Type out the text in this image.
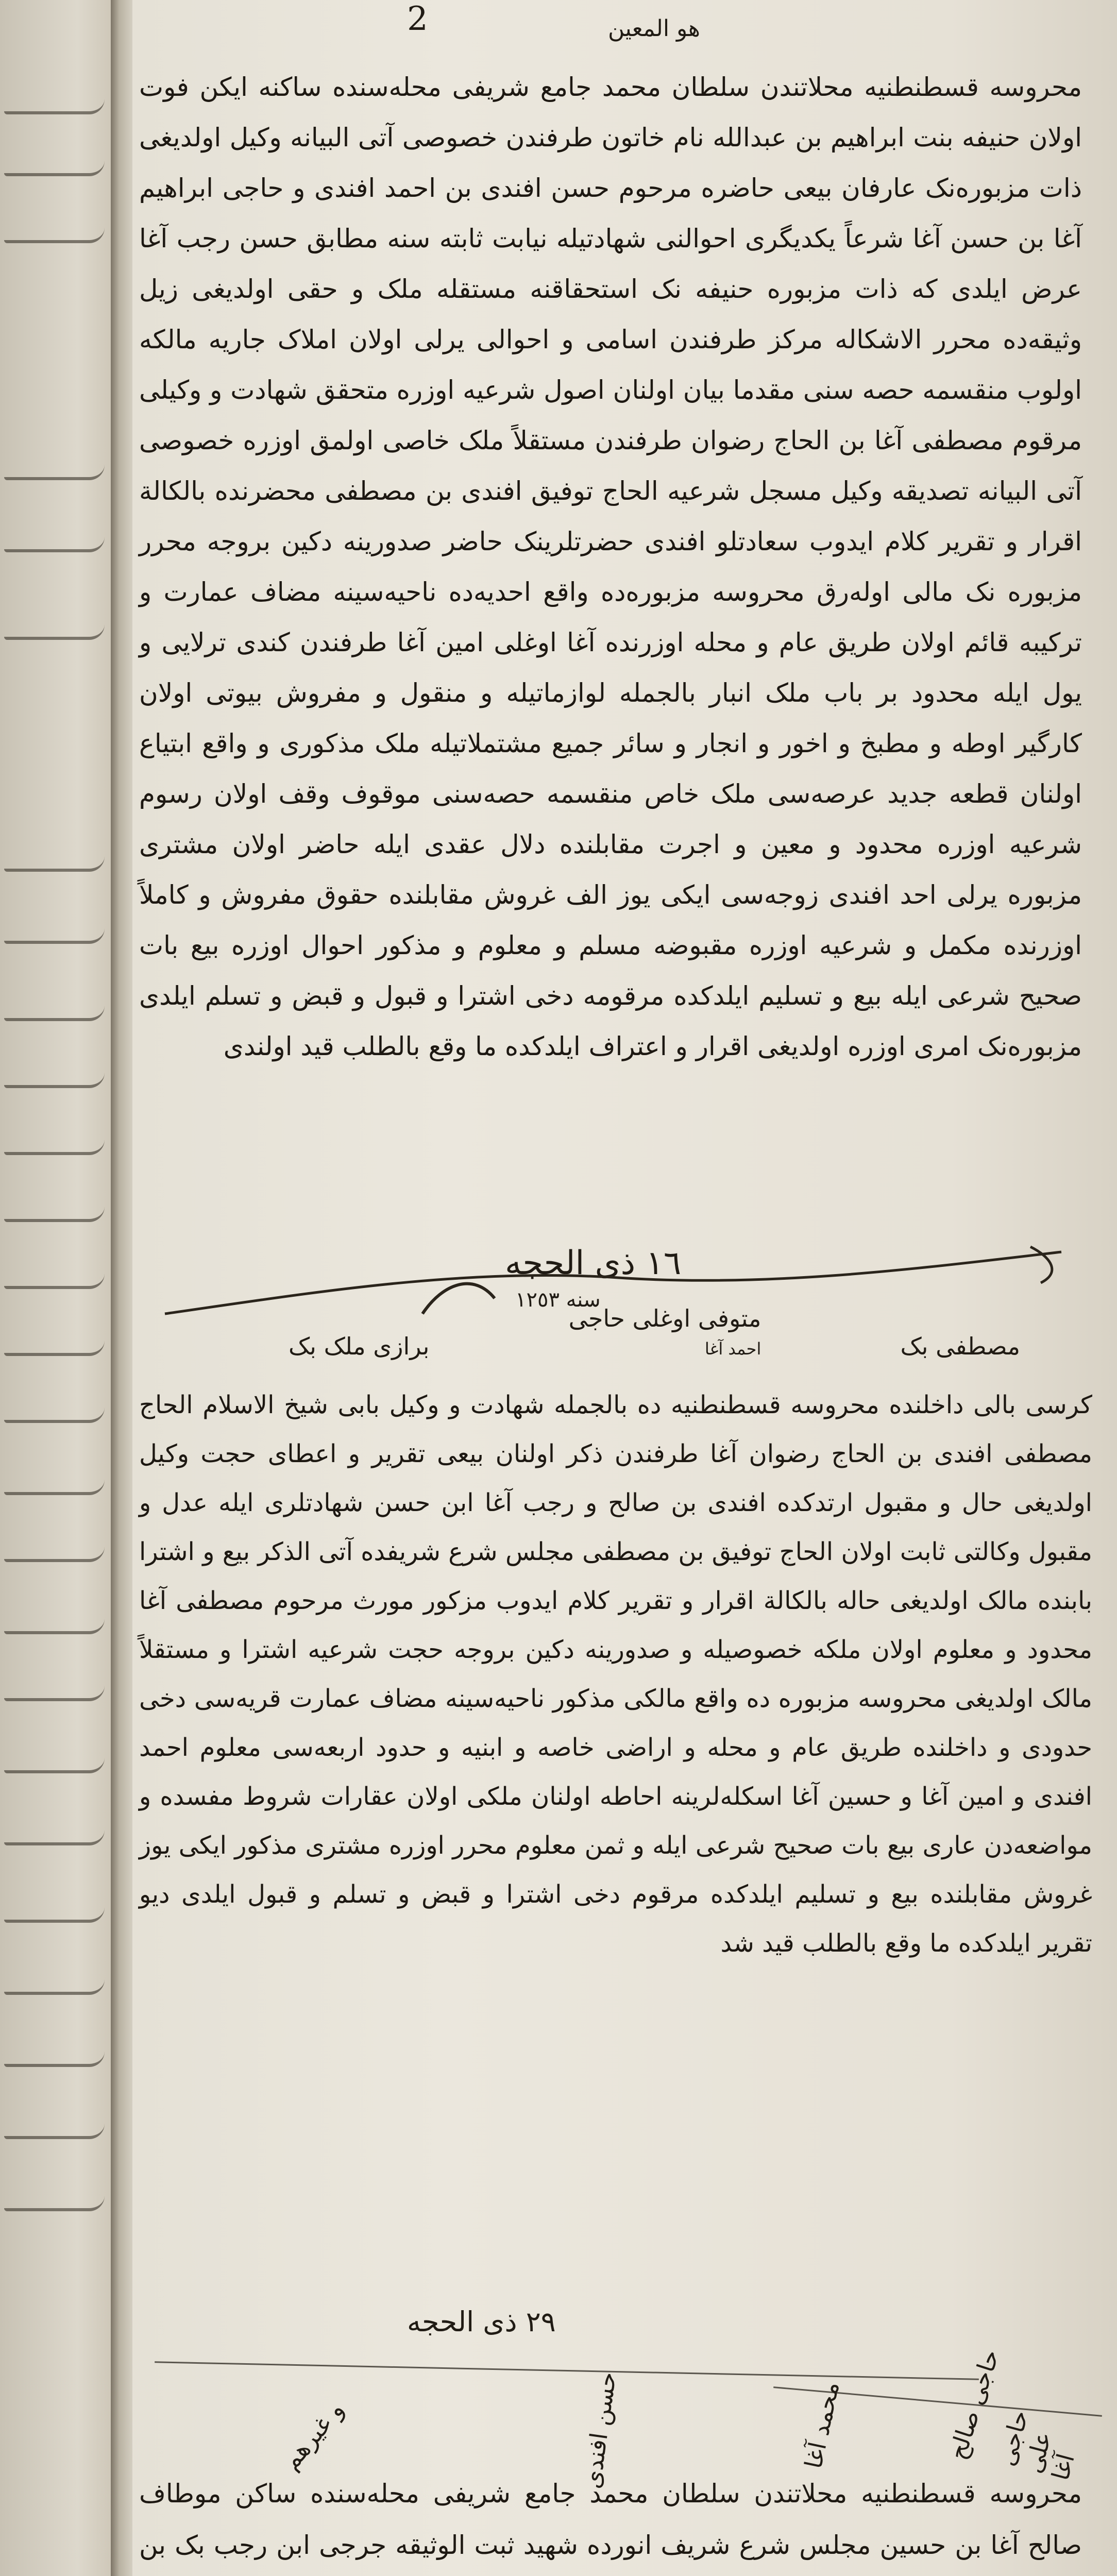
2	هو المعين
محروسه قسطنطنیه محلاتندن سلطان محمد جامع شریفی محله‌سنده ساکنه ایکن فوت اولان حنیفه بنت ابراهیم بن عبدالله نام خاتون طرفندن خصوصی آتی البیانه وکیل اولدیغی ذات مزبوره‌نک عارفان بیعی حاضره مرحوم حسن افندی بن احمد افندی و حاجی ابراهیم آغا بن حسن آغا شرعاً یکدیگری احوالنی شهادتیله نیابت ثابته سنه مطابق حسن رجب آغا عرض ایلدی که ذات مزبوره حنیفه نک استحقاقنه مستقله ملک و حقی اولدیغی زیل وثیقه‌ده محرر الاشکاله مرکز طرفندن اسامی و احوالی یرلی اولان املاک جاریه مالکه اولوب منقسمه حصه سنی مقدما بیان اولنان اصول شرعیه اوزره متحقق شهادت و وکیلی مرقوم مصطفی آغا بن الحاج رضوان طرفندن مستقلاً ملک خاصی اولمق اوزره خصوصی آتی البیانه تصدیقه وکیل مسجل شرعیه الحاج توفیق افندی بن مصطفی محضرنده بالکالة اقرار و تقریر کلام ایدوب سعادتلو افندی حضرتلرینک حاضر صدورینه دکین بروجه محرر مزبوره نک مالی اوله‌رق محروسه مزبوره‌ده واقع احدیه‌ده ناحیه‌سینه مضاف عمارت و ترکیبه قائم اولان طریق عام و محله اوزرنده آغا اوغلی امین آغا طرفندن کندی ترلایی و یول ایله محدود بر باب ملک انبار بالجمله لوازماتیله و منقول و مفروش بیوتی اولان کارگیر اوطه و مطبخ و اخور و انجار و سائر جمیع مشتملاتیله ملک مذکوری و واقع ابتیاع اولنان قطعه جدید عرصه‌سی ملک خاص منقسمه حصه‌سنی موقوف وقف اولان رسوم شرعیه اوزره محدود و معین و اجرت مقابلنده دلال عقدی ایله حاضر اولان مشتری مزبوره یرلی احد افندی زوجه‌سی ایکی یوز الف غروش مقابلنده حقوق مفروش و کاملاً اوزرنده مکمل و شرعیه اوزره مقبوضه مسلم و معلوم و مذکور احوال اوزره بیع بات صحیح شرعی ایله بیع و تسلیم ایلدکده مرقومه دخی اشترا و قبول و قبض و تسلم ایلدی مزبوره‌نک امری اوزره اولدیغی اقرار و اعتراف ایلدکده ما وقع بالطلب قید اولندی
١٦ ذی الحجه
سنه ١٢٥٣
مصطفی بک
متوفی اوغلی حاجی
احمد آغا
برازی ملک بک
کرسی بالی داخلنده محروسه قسطنطنیه ده بالجمله شهادت و وکیل بابی شیخ الاسلام الحاج مصطفی افندی بن الحاج رضوان آغا طرفندن ذکر اولنان بیعی تقریر و اعطای حجت وکیل اولدیغی حال و مقبول ارتدکده افندی بن صالح و رجب آغا ابن حسن شهادتلری ایله عدل و مقبول وکالتی ثابت اولان الحاج توفیق بن مصطفی مجلس شرع شریفده آتی الذکر بیع و اشترا بابنده مالک اولدیغی حاله بالکالة اقرار و تقریر کلام ایدوب مزکور مورث مرحوم مصطفی آغا محدود و معلوم اولان ملکه خصوصیله و صدورینه دکین بروجه حجت شرعیه اشترا و مستقلاً مالک اولدیغی محروسه مزبوره ده واقع مالکی مذکور ناحیه‌سینه مضاف عمارت قریه‌سی دخی حدودی و داخلنده طریق عام و محله و اراضی خاصه و ابنیه و حدود اربعه‌سی معلوم احمد افندی و امین آغا و حسین آغا اسکله‌لرینه احاطه اولنان ملکی اولان عقارات شروط مفسده و مواضعه‌دن عاری بیع بات صحیح شرعی ایله و ثمن معلوم محرر اوزره مشتری مذکور ایکی یوز غروش مقابلنده بیع و تسلیم ایلدکده مرقوم دخی اشترا و قبض و تسلم و قبول ایلدی دیو تقریر ایلدکده ما وقع بالطلب قید شد
٢٩ ذی الحجه
حاجی علی آغا
حاجی صالح
محمد آغا
حسن افندی
و غیرهم
محروسه قسطنطنیه محلاتندن سلطان محمد جامع شریفی محله‌سنده ساکن موطاف صالح آغا بن حسین مجلس شرع شریف انورده شهید ثبت الوثیقه جرجی ابن رجب بک بن
